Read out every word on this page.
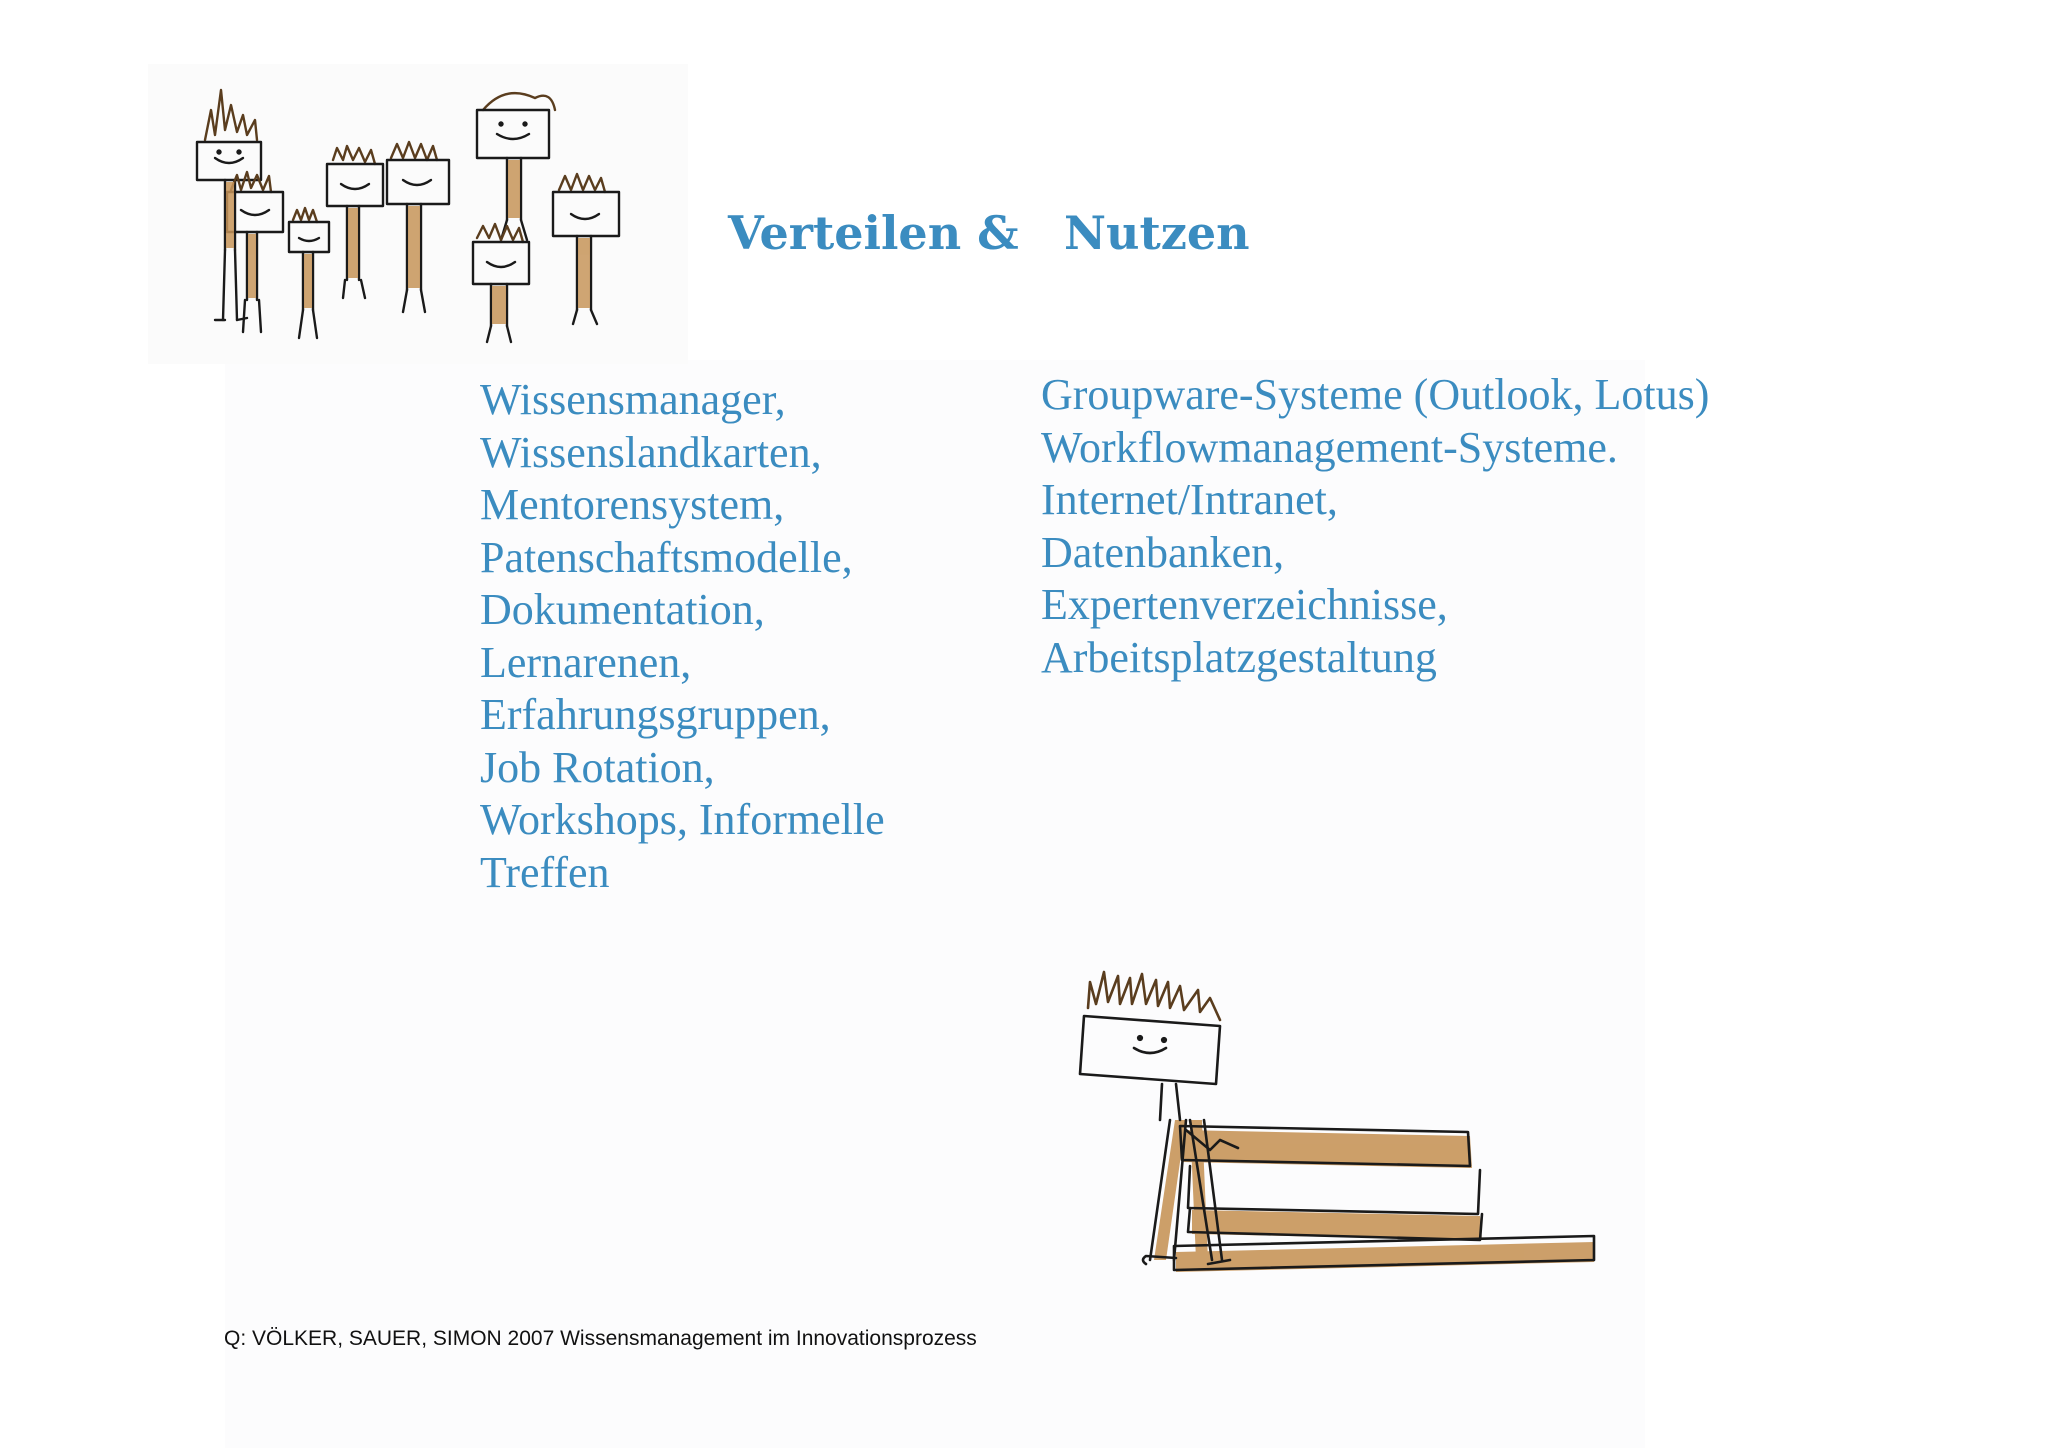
Verteilen & Nutzen
Wissensmanager,
Wissenslandkarten,
Mentorensystem,
Patenschaftsmodelle,
Dokumentation,
Lernarenen,
Erfahrungsgruppen,
Job Rotation,
Workshops, Informelle
Treffen
Groupware-Systeme (Outlook, Lotus)
Workflowmanagement-Systeme.
Internet/Intranet,
Datenbanken,
Expertenverzeichnisse,
Arbeitsplatzgestaltung
Q: VÖLKER, SAUER, SIMON 2007 Wissensmanagement im Innovationsprozess
